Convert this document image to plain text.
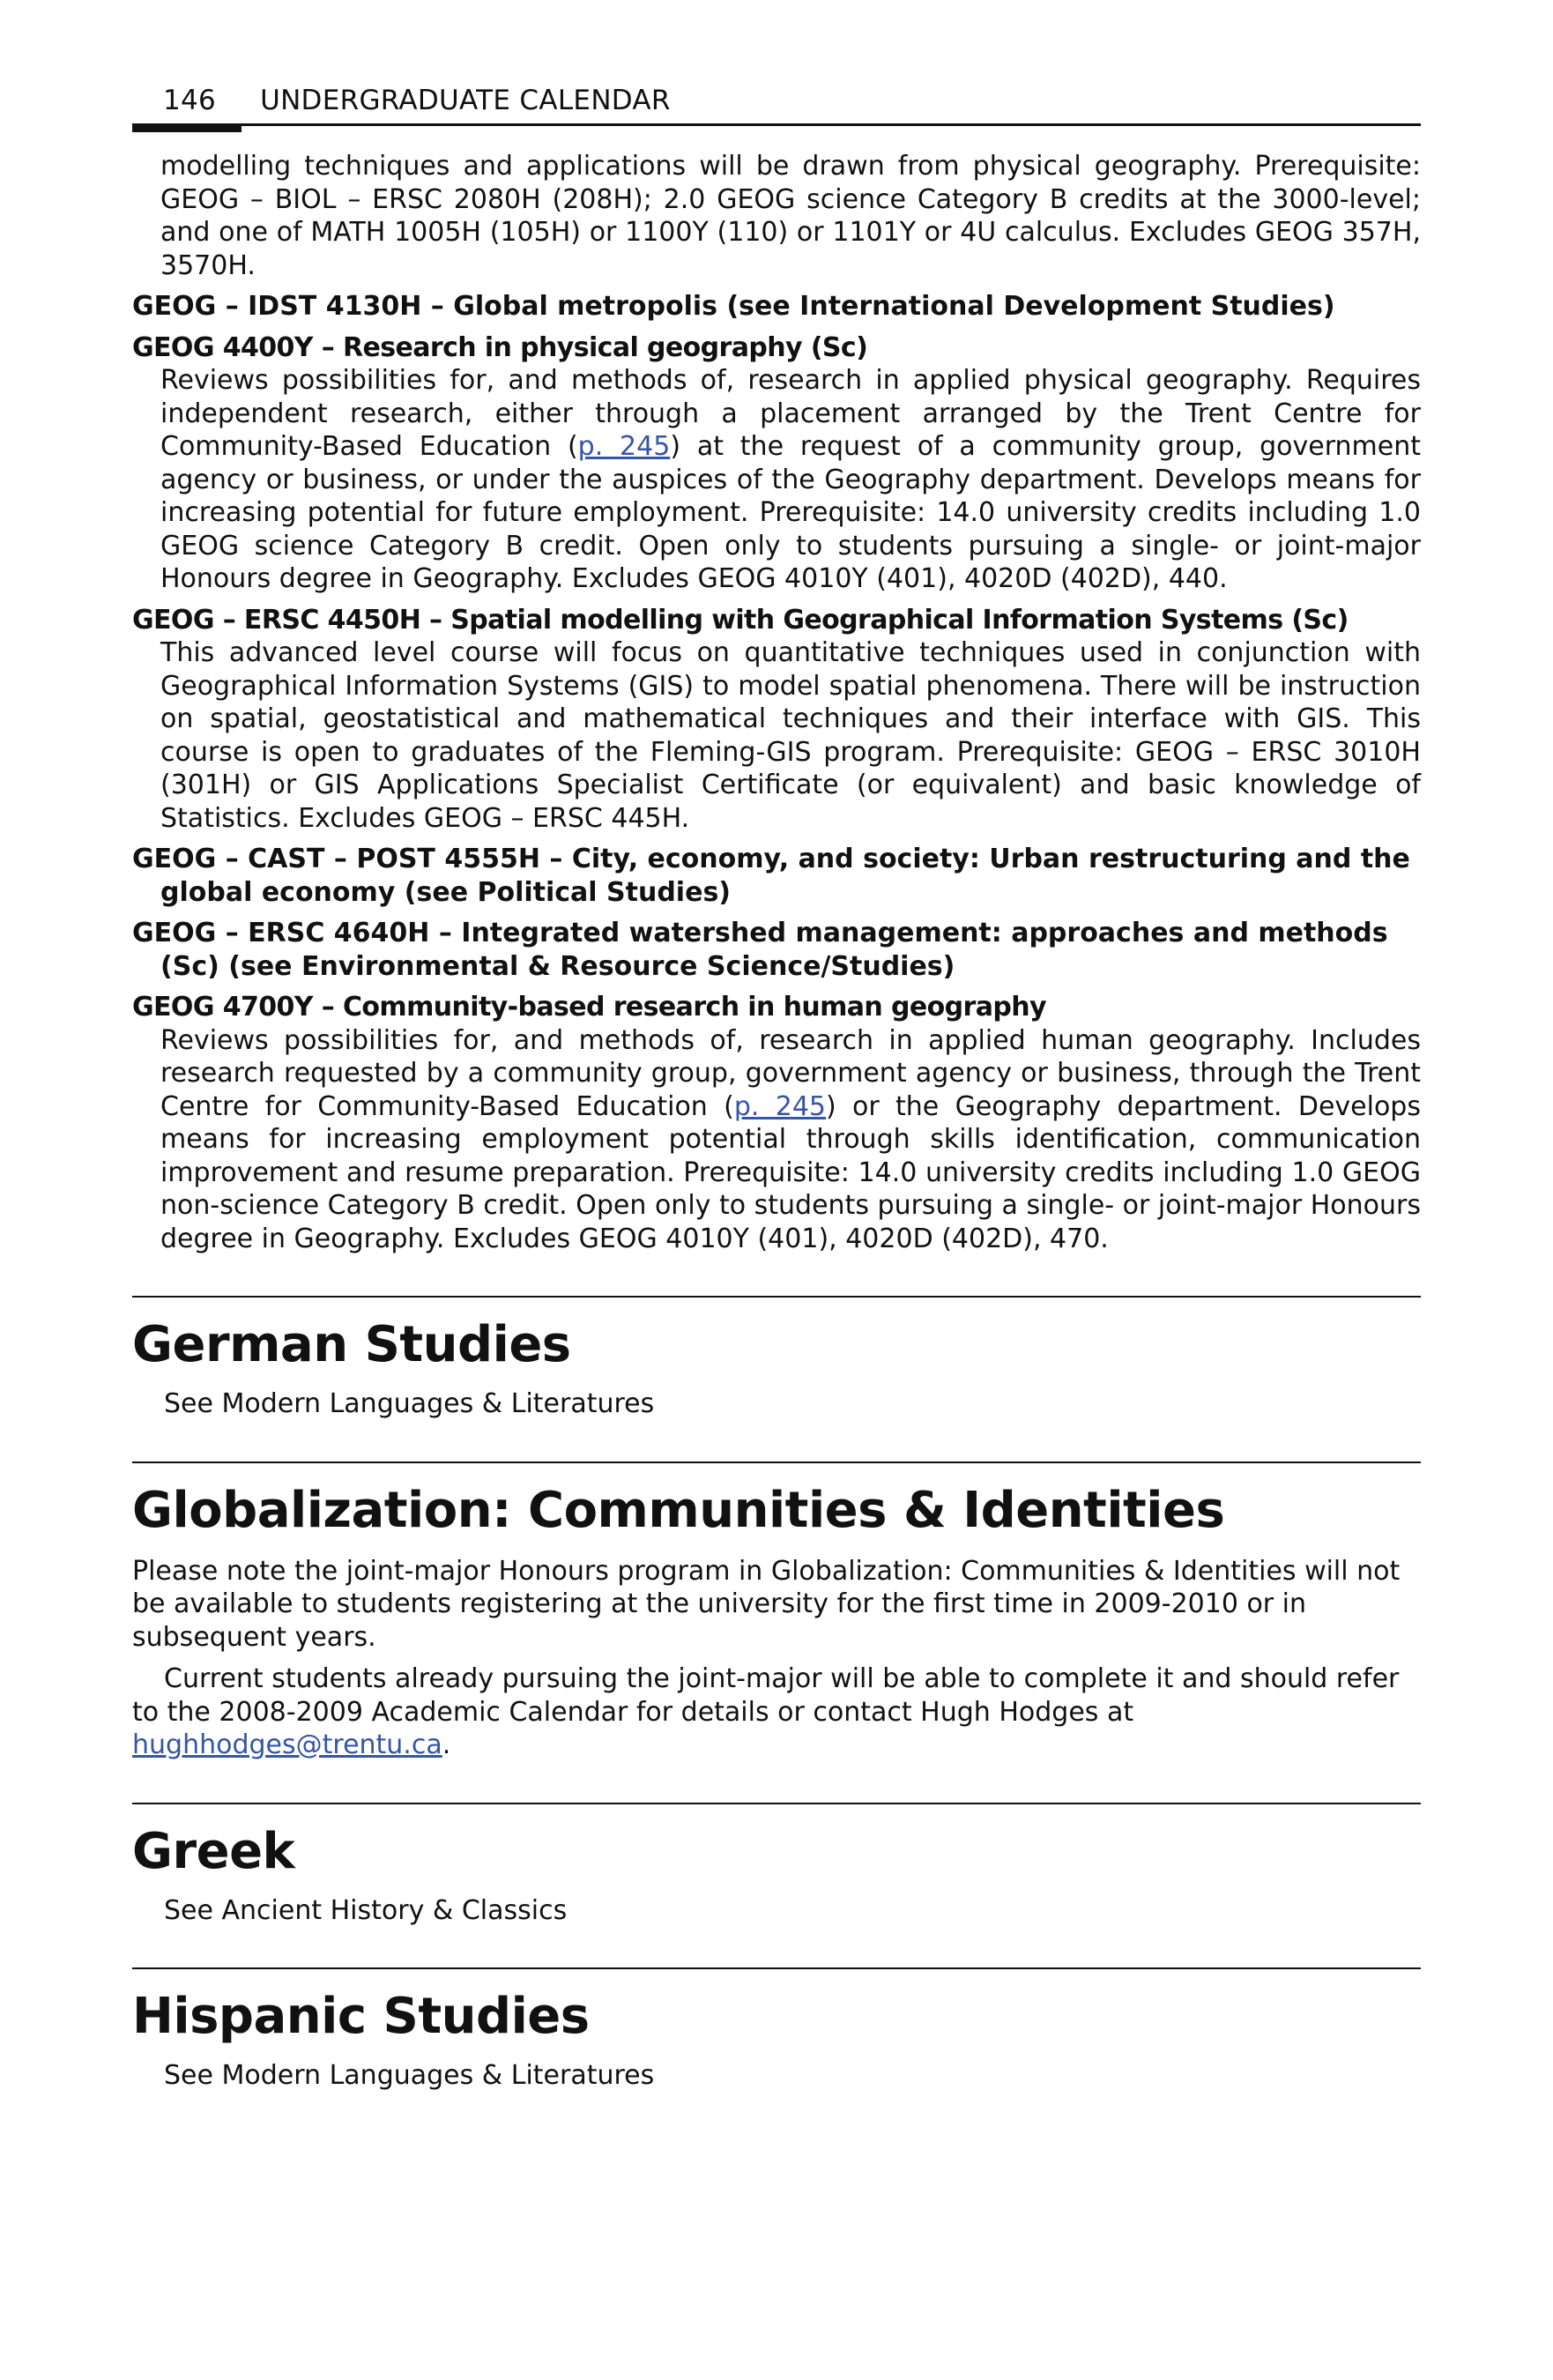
146 UNDERGRADUATE CALENDAR

modelling techniques and applications will be drawn from physical geography. Prerequisite: GEOG – BIOL – ERSC 2080H (208H); 2.0 GEOG science Category B credits at the 3000-level; and one of MATH 1005H (105H) or 1100Y (110) or 1101Y or 4U calculus. Excludes GEOG 357H, 3570H.

GEOG – IDST 4130H – Global metropolis (see International Development Studies)

GEOG 4400Y – Research in physical geography (Sc)

Reviews possibilities for, and methods of, research in applied physical geography. Requires independent research, either through a placement arranged by the Trent Centre for Community-Based Education (p. 245) at the request of a community group, government agency or business, or under the auspices of the Geography department. Develops means for increasing potential for future employment. Prerequisite: 14.0 university credits including 1.0 GEOG science Category B credit. Open only to students pursuing a single- or joint-major Honours degree in Geography. Excludes GEOG 4010Y (401), 4020D (402D), 440.

GEOG – ERSC 4450H – Spatial modelling with Geographical Information Systems (Sc)

This advanced level course will focus on quantitative techniques used in conjunction with Geographical Information Systems (GIS) to model spatial phenomena. There will be instruction on spatial, geostatistical and mathematical techniques and their interface with GIS. This course is open to graduates of the Fleming-GIS program. Prerequisite: GEOG – ERSC 3010H (301H) or GIS Applications Specialist Certificate (or equivalent) and basic knowledge of Statistics. Excludes GEOG – ERSC 445H.

GEOG – CAST – POST 4555H – City, economy, and society: Urban restructuring and the global economy (see Political Studies)

GEOG – ERSC 4640H – Integrated watershed management: approaches and methods (Sc) (see Environmental & Resource Science/Studies)

GEOG 4700Y – Community-based research in human geography

Reviews possibilities for, and methods of, research in applied human geography. Includes research requested by a community group, government agency or business, through the Trent Centre for Community-Based Education (p. 245) or the Geography department. Develops means for increasing employment potential through skills identification, communication improvement and resume preparation. Prerequisite: 14.0 university credits including 1.0 GEOG non-science Category B credit. Open only to students pursuing a single- or joint-major Honours degree in Geography. Excludes GEOG 4010Y (401), 4020D (402D), 470.

German Studies

See Modern Languages & Literatures

Globalization: Communities & Identities

Please note the joint-major Honours program in Globalization: Communities & Identities will not be available to students registering at the university for the first time in 2009-2010 or in subsequent years.

Current students already pursuing the joint-major will be able to complete it and should refer to the 2008-2009 Academic Calendar for details or contact Hugh Hodges at hughhodges@trentu.ca.

Greek

See Ancient History & Classics

Hispanic Studies

See Modern Languages & Literatures
